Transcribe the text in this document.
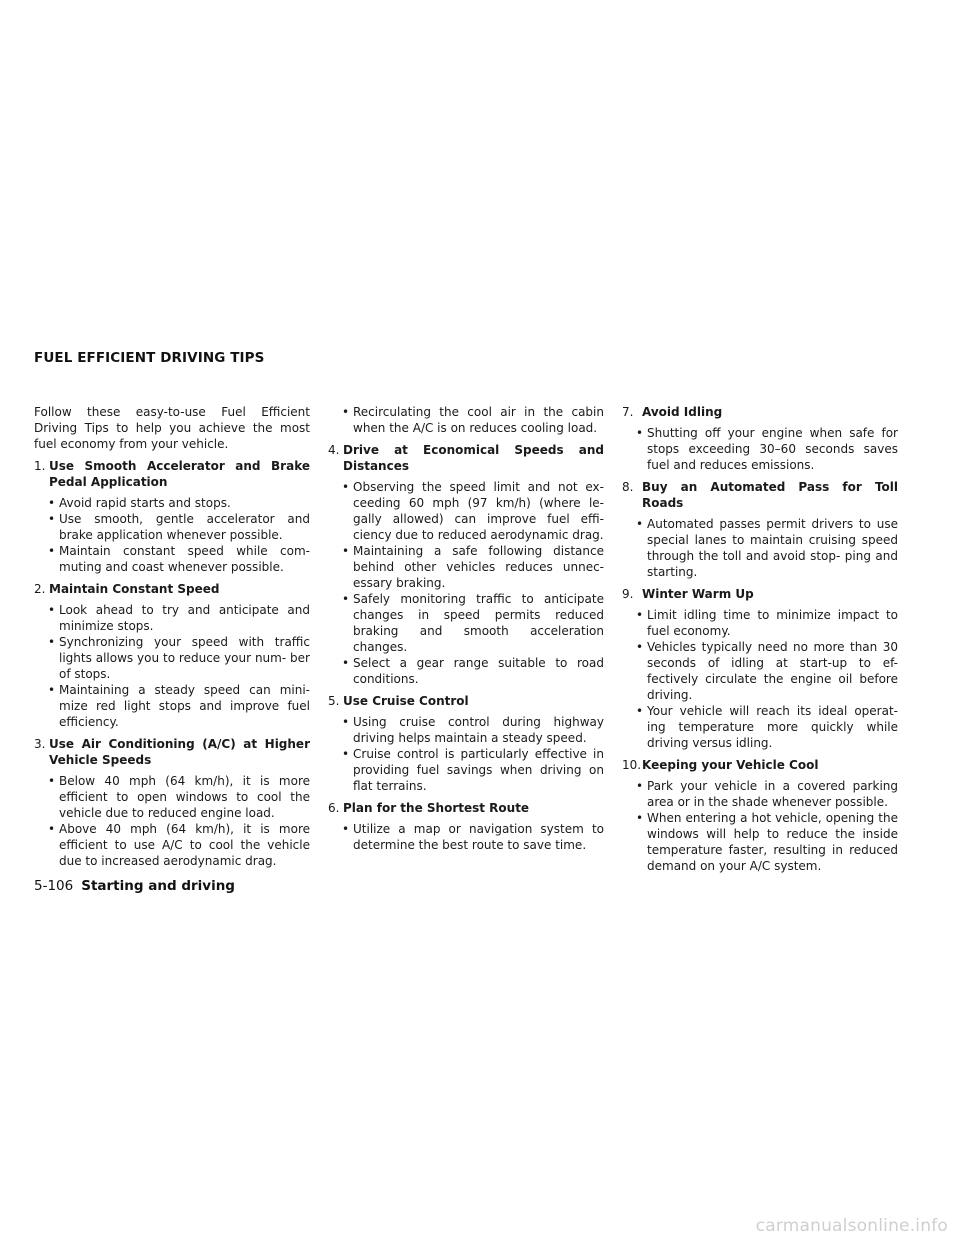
FUEL EFFICIENT DRIVING TIPS

Follow these easy-to-use Fuel Efficient Driving Tips to help you achieve the most fuel economy from your vehicle.

1. Use Smooth Accelerator and Brake Pedal Application

• Avoid rapid starts and stops.

• Use smooth, gentle accelerator and brake application whenever possible.

• Maintain constant speed while com- muting and coast whenever possible.

2. Maintain Constant Speed

• Look ahead to try and anticipate and minimize stops.

• Synchronizing your speed with traffic lights allows you to reduce your num- ber of stops.

• Maintaining a steady speed can mini- mize red light stops and improve fuel efficiency.

3. Use Air Conditioning (A/C) at Higher Vehicle Speeds

• Below 40 mph (64 km/h), it is more efficient to open windows to cool the vehicle due to reduced engine load.

• Above 40 mph (64 km/h), it is more efficient to use A/C to cool the vehicle due to increased aerodynamic drag.

• Recirculating the cool air in the cabin when the A/C is on reduces cooling load.

4. Drive at Economical Speeds and Distances

• Observing the speed limit and not ex- ceeding 60 mph (97 km/h) (where le- gally allowed) can improve fuel effi- ciency due to reduced aerodynamic drag.

• Maintaining a safe following distance behind other vehicles reduces unnec- essary braking.

• Safely monitoring traffic to anticipate changes in speed permits reduced braking and smooth acceleration changes.

• Select a gear range suitable to road conditions.

5. Use Cruise Control

• Using cruise control during highway driving helps maintain a steady speed.

• Cruise control is particularly effective in providing fuel savings when driving on flat terrains.

6. Plan for the Shortest Route

• Utilize a map or navigation system to determine the best route to save time.

7. Avoid Idling

• Shutting off your engine when safe for stops exceeding 30–60 seconds saves fuel and reduces emissions.

8. Buy an Automated Pass for Toll Roads

• Automated passes permit drivers to use special lanes to maintain cruising speed through the toll and avoid stop- ping and starting.

9. Winter Warm Up

• Limit idling time to minimize impact to fuel economy.

• Vehicles typically need no more than 30 seconds of idling at start-up to ef- fectively circulate the engine oil before driving.

• Your vehicle will reach its ideal operat- ing temperature more quickly while driving versus idling.

10. Keeping your Vehicle Cool

• Park your vehicle in a covered parking area or in the shade whenever possible.

• When entering a hot vehicle, opening the windows will help to reduce the inside temperature faster, resulting in reduced demand on your A/C system.

5-106 Starting and driving
carmanualsonline.info
